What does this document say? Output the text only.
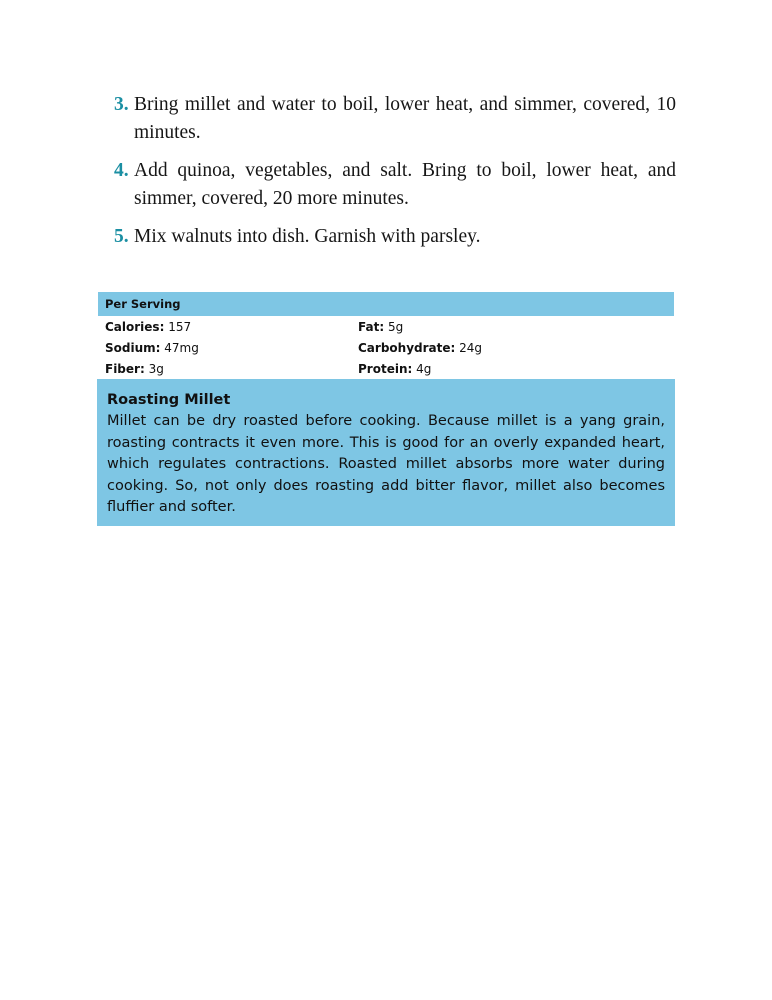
3. Bring millet and water to boil, lower heat, and simmer, covered, 10 minutes.
4. Add quinoa, vegetables, and salt. Bring to boil, lower heat, and simmer, covered, 20 more minutes.
5. Mix walnuts into dish. Garnish with parsley.
Per Serving
Calories: 157	Fat: 5g
Sodium: 47mg	Carbohydrate: 24g
Fiber: 3g	Protein: 4g
Roasting Millet
Millet can be dry roasted before cooking. Because millet is a yang grain, roasting contracts it even more. This is good for an overly expanded heart, which regulates contractions. Roasted millet absorbs more water during cooking. So, not only does roasting add bitter flavor, millet also becomes fluffier and softer.
